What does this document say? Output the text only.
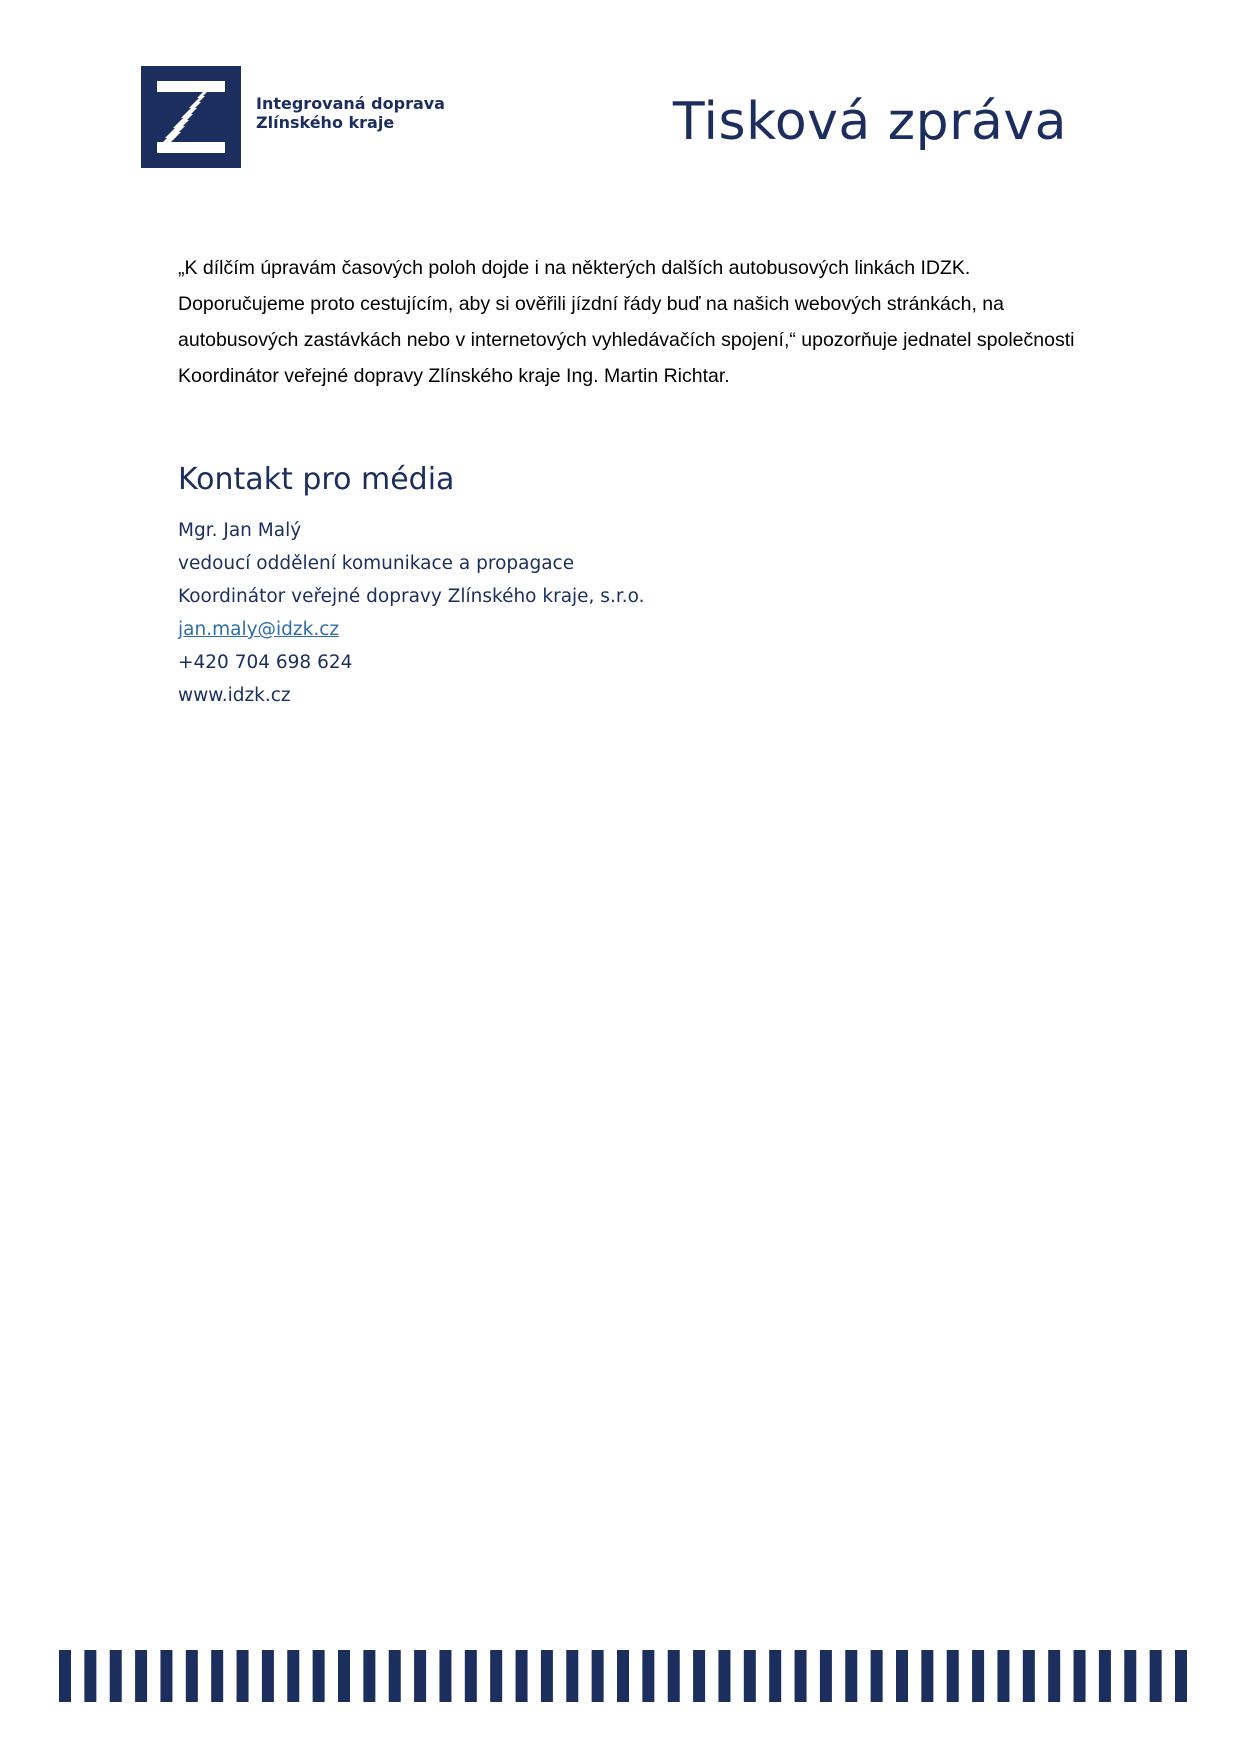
Integrovaná doprava
Zlínského kraje	Tisková zpráva

„K dílčím úpravám časových poloh dojde i na některých dalších autobusových linkách IDZK. Doporučujeme proto cestujícím, aby si ověřili jízdní řády buď na našich webových stránkách, na autobusových zastávkách nebo v internetových vyhledávačích spojení,“ upozorňuje jednatel společnosti Koordinátor veřejné dopravy Zlínského kraje Ing. Martin Richtar.

Kontakt pro média
Mgr. Jan Malý
vedoucí oddělení komunikace a propagace
Koordinátor veřejné dopravy Zlínského kraje, s.r.o.
jan.maly@idzk.cz
+420 704 698 624
www.idzk.cz
